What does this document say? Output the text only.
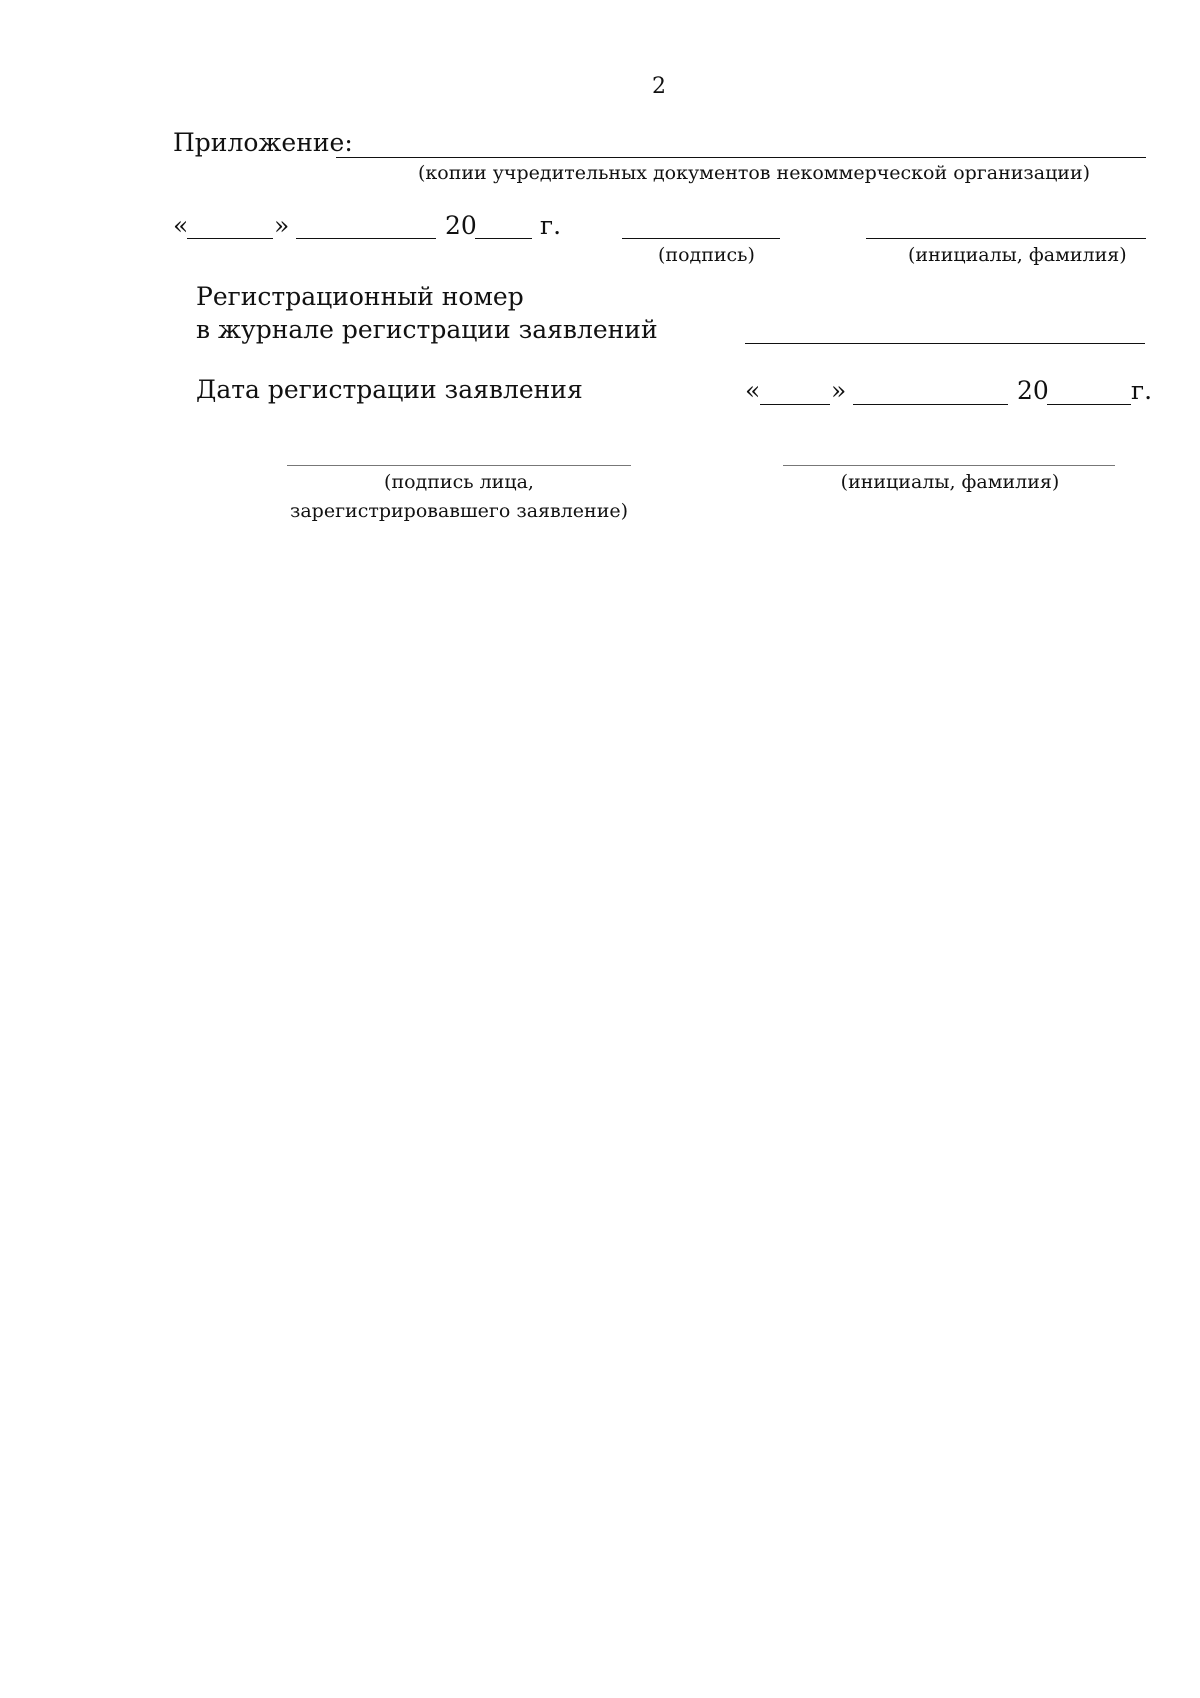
2
Приложение:
(копии учредительных документов некоммерческой организации)
«	»	20	г.
(подпись)	(инициалы, фамилия)
Регистрационный номер
в журнале регистрации заявлений
Дата регистрации заявления	«	»	20	г.
(подпись лица,
зарегистрировавшего заявление)
(инициалы, фамилия)
